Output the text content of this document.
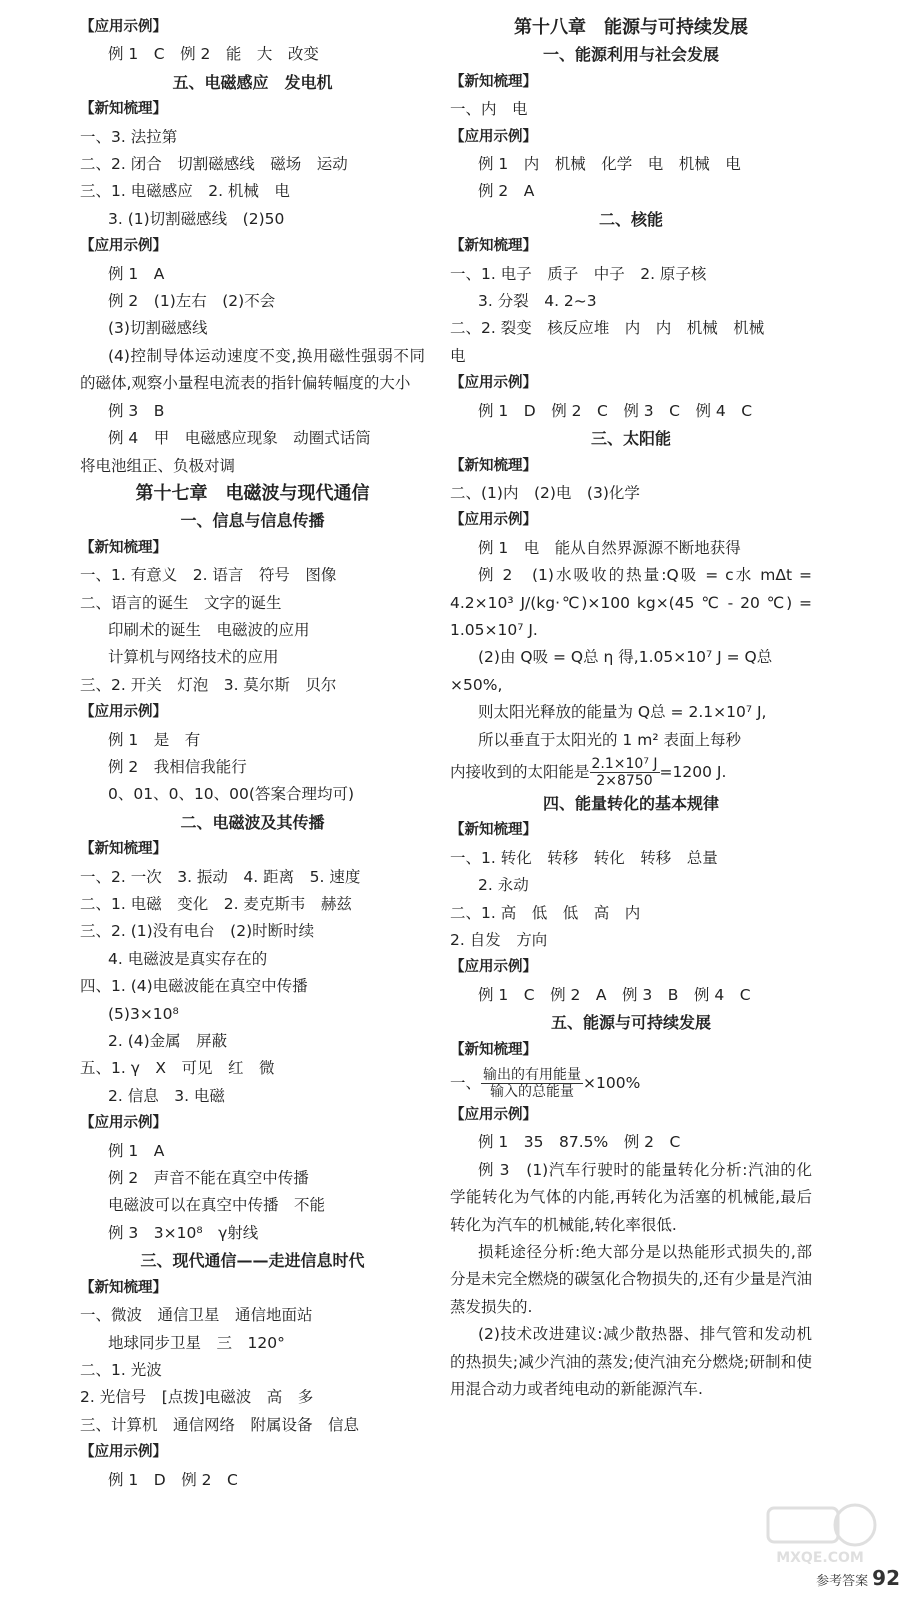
【应用示例】
例 1　C　例 2　能　大　改变
五、电磁感应　发电机
【新知梳理】
一、3. 法拉第
二、2. 闭合　切割磁感线　磁场　运动
三、1. 电磁感应　2. 机械　电
3. (1)切割磁感线　(2)50
【应用示例】
例 1　A
例 2　(1)左右　(2)不会
(3)切割磁感线
(4)控制导体运动速度不变,换用磁性强弱不同的磁体,观察小量程电流表的指针偏转幅度的大小
例 3　B
例 4　甲　电磁感应现象　动圈式话筒
将电池组正、负极对调
第十七章　电磁波与现代通信
一、信息与信息传播
【新知梳理】
一、1. 有意义　2. 语言　符号　图像
二、语言的诞生　文字的诞生
印刷术的诞生　电磁波的应用
计算机与网络技术的应用
三、2. 开关　灯泡　3. 莫尔斯　贝尔
【应用示例】
例 1　是　有
例 2　我相信我能行
0、01、0、10、00(答案合理均可)
二、电磁波及其传播
【新知梳理】
一、2. 一次　3. 振动　4. 距离　5. 速度
二、1. 电磁　变化　2. 麦克斯韦　赫兹
三、2. (1)没有电台　(2)时断时续
4. 电磁波是真实存在的
四、1. (4)电磁波能在真空中传播
(5)3×10⁸
2. (4)金属　屏蔽
五、1. γ　X　可见　红　微
2. 信息　3. 电磁
【应用示例】
例 1　A
例 2　声音不能在真空中传播
电磁波可以在真空中传播　不能
例 3　3×10⁸　γ射线
三、现代通信——走进信息时代
【新知梳理】
一、微波　通信卫星　通信地面站
地球同步卫星　三　120°
二、1. 光波
2. 光信号　[点拨]电磁波　高　多
三、计算机　通信网络　附属设备　信息
【应用示例】
例 1　D　例 2　C
第十八章　能源与可持续发展
一、能源利用与社会发展
【新知梳理】
一、内　电
【应用示例】
例 1　内　机械　化学　电　机械　电
例 2　A
二、核能
【新知梳理】
一、1. 电子　质子　中子　2. 原子核
3. 分裂　4. 2~3
二、2. 裂变　核反应堆　内　内　机械　机械
电
【应用示例】
例 1　D　例 2　C　例 3　C　例 4　C
三、太阳能
【新知梳理】
二、(1)内　(2)电　(3)化学
【应用示例】
例 1　电　能从自然界源源不断地获得
例 2　(1)水吸收的热量:Q吸 = c水 mΔt = 4.2×10³ J/(kg·℃)×100 kg×(45 ℃ - 20 ℃) = 1.05×10⁷ J.
(2)由 Q吸 = Q总 η 得,1.05×10⁷ J = Q总×50%,
则太阳光释放的能量为 Q总 = 2.1×10⁷ J,
所以垂直于太阳光的 1 m² 表面上每秒
内接收到的太阳能是 $\frac{\text{2.1×10⁷ J}}{2\times 8750} =1200$ J.
四、能量转化的基本规律
【新知梳理】
一、1. 转化　转移　转化　转移　总量
2. 永动
二、1. 高　低　低　高　内
2. 自发　方向
【应用示例】
例 1　C　例 2　A　例 3　B　例 4　C
五、能源与可持续发展
【新知梳理】
一、 $\frac{\text{输出的有用能量}}{\text{输入的总能量}} \times 100\%$
【应用示例】
例 1　35　87.5%　例 2　C
例 3　(1)汽车行驶时的能量转化分析:汽油的化学能转化为气体的内能,再转化为活塞的机械能,最后转化为汽车的机械能,转化率很低.
损耗途径分析:绝大部分是以热能形式损失的,部分是未完全燃烧的碳氢化合物损失的,还有少量是汽油蒸发损失的.
(2)技术改进建议:减少散热器、排气管和发动机的热损失;减少汽油的蒸发;使汽油充分燃烧;研制和使用混合动力或者纯电动的新能源汽车.
MXQE.COM
参考答案 92
